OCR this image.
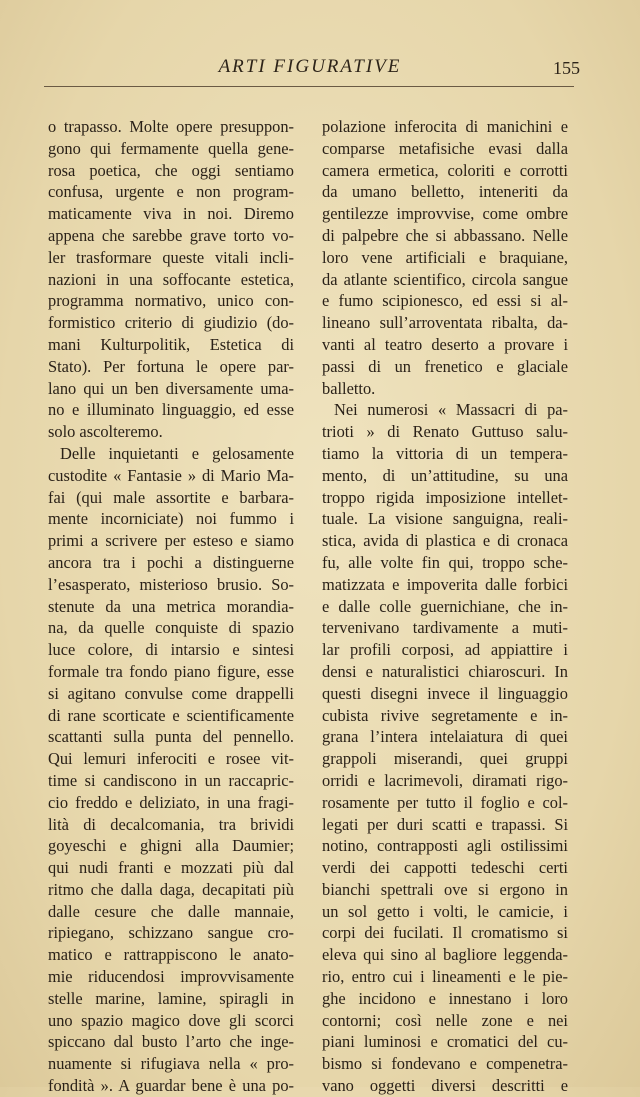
ARTI FIGURATIVE	155
o trapasso. Molte opere presuppon-
gono qui fermamente quella gene-
rosa poetica, che oggi sentiamo
confusa, urgente e non program-
maticamente viva in noi. Diremo
appena che sarebbe grave torto vo-
ler trasformare queste vitali incli-
nazioni in una soffocante estetica,
programma normativo, unico con-
formistico criterio di giudizio (do-
mani Kulturpolitik, Estetica di
Stato). Per fortuna le opere par-
lano qui un ben diversamente uma-
no e illuminato linguaggio, ed esse
solo ascolteremo.
Delle inquietanti e gelosamente
custodite « Fantasie » di Mario Ma-
fai (qui male assortite e barbara-
mente incorniciate) noi fummo i
primi a scrivere per esteso e siamo
ancora tra i pochi a distinguerne
l’esasperato, misterioso brusio. So-
stenute da una metrica morandia-
na, da quelle conquiste di spazio
luce colore, di intarsio e sintesi
formale tra fondo piano figure, esse
si agitano convulse come drappelli
di rane scorticate e scientificamente
scattanti sulla punta del pennello.
Qui lemuri inferociti e rosee vit-
time si candiscono in un raccapric-
cio freddo e deliziato, in una fragi-
lità di decalcomania, tra brividi
goyeschi e ghigni alla Daumier;
qui nudi franti e mozzati più dal
ritmo che dalla daga, decapitati più
dalle cesure che dalle mannaie,
ripiegano, schizzano sangue cro-
matico e rattrappiscono le anato-
mie riducendosi improvvisamente
stelle marine, lamine, spiragli in
uno spazio magico dove gli scorci
spiccano dal busto l’arto che inge-
nuamente si rifugiava nella « pro-
fondità ». A guardar bene è una po-
polazione inferocita di manichini e
comparse metafisiche evasi dalla
camera ermetica, coloriti e corrotti
da umano belletto, inteneriti da
gentilezze improvvise, come ombre
di palpebre che si abbassano. Nelle
loro vene artificiali e braquiane,
da atlante scientifico, circola sangue
e fumo scipionesco, ed essi si al-
lineano sull’arroventata ribalta, da-
vanti al teatro deserto a provare i
passi di un frenetico e glaciale
balletto.
Nei numerosi « Massacri di pa-
trioti » di Renato Guttuso salu-
tiamo la vittoria di un tempera-
mento, di un’attitudine, su una
troppo rigida imposizione intellet-
tuale. La visione sanguigna, reali-
stica, avida di plastica e di cronaca
fu, alle volte fin qui, troppo sche-
matizzata e impoverita dalle forbici
e dalle colle guernichiane, che in-
tervenivano tardivamente a muti-
lar profili corposi, ad appiattire i
densi e naturalistici chiaroscuri. In
questi disegni invece il linguaggio
cubista rivive segretamente e in-
grana l’intera intelaiatura di quei
grappoli miserandi, quei gruppi
orridi e lacrimevoli, diramati rigo-
rosamente per tutto il foglio e col-
legati per duri scatti e trapassi. Si
notino, contrapposti agli ostilissimi
verdi dei cappotti tedeschi certi
bianchi spettrali ove si ergono in
un sol getto i volti, le camicie, i
corpi dei fucilati. Il cromatismo si
eleva qui sino al bagliore leggenda-
rio, entro cui i lineamenti e le pie-
ghe incidono e innestano i loro
contorni; così nelle zone e nei
piani luminosi e cromatici del cu-
bismo si fondevano e compenetra-
vano oggetti diversi descritti e
